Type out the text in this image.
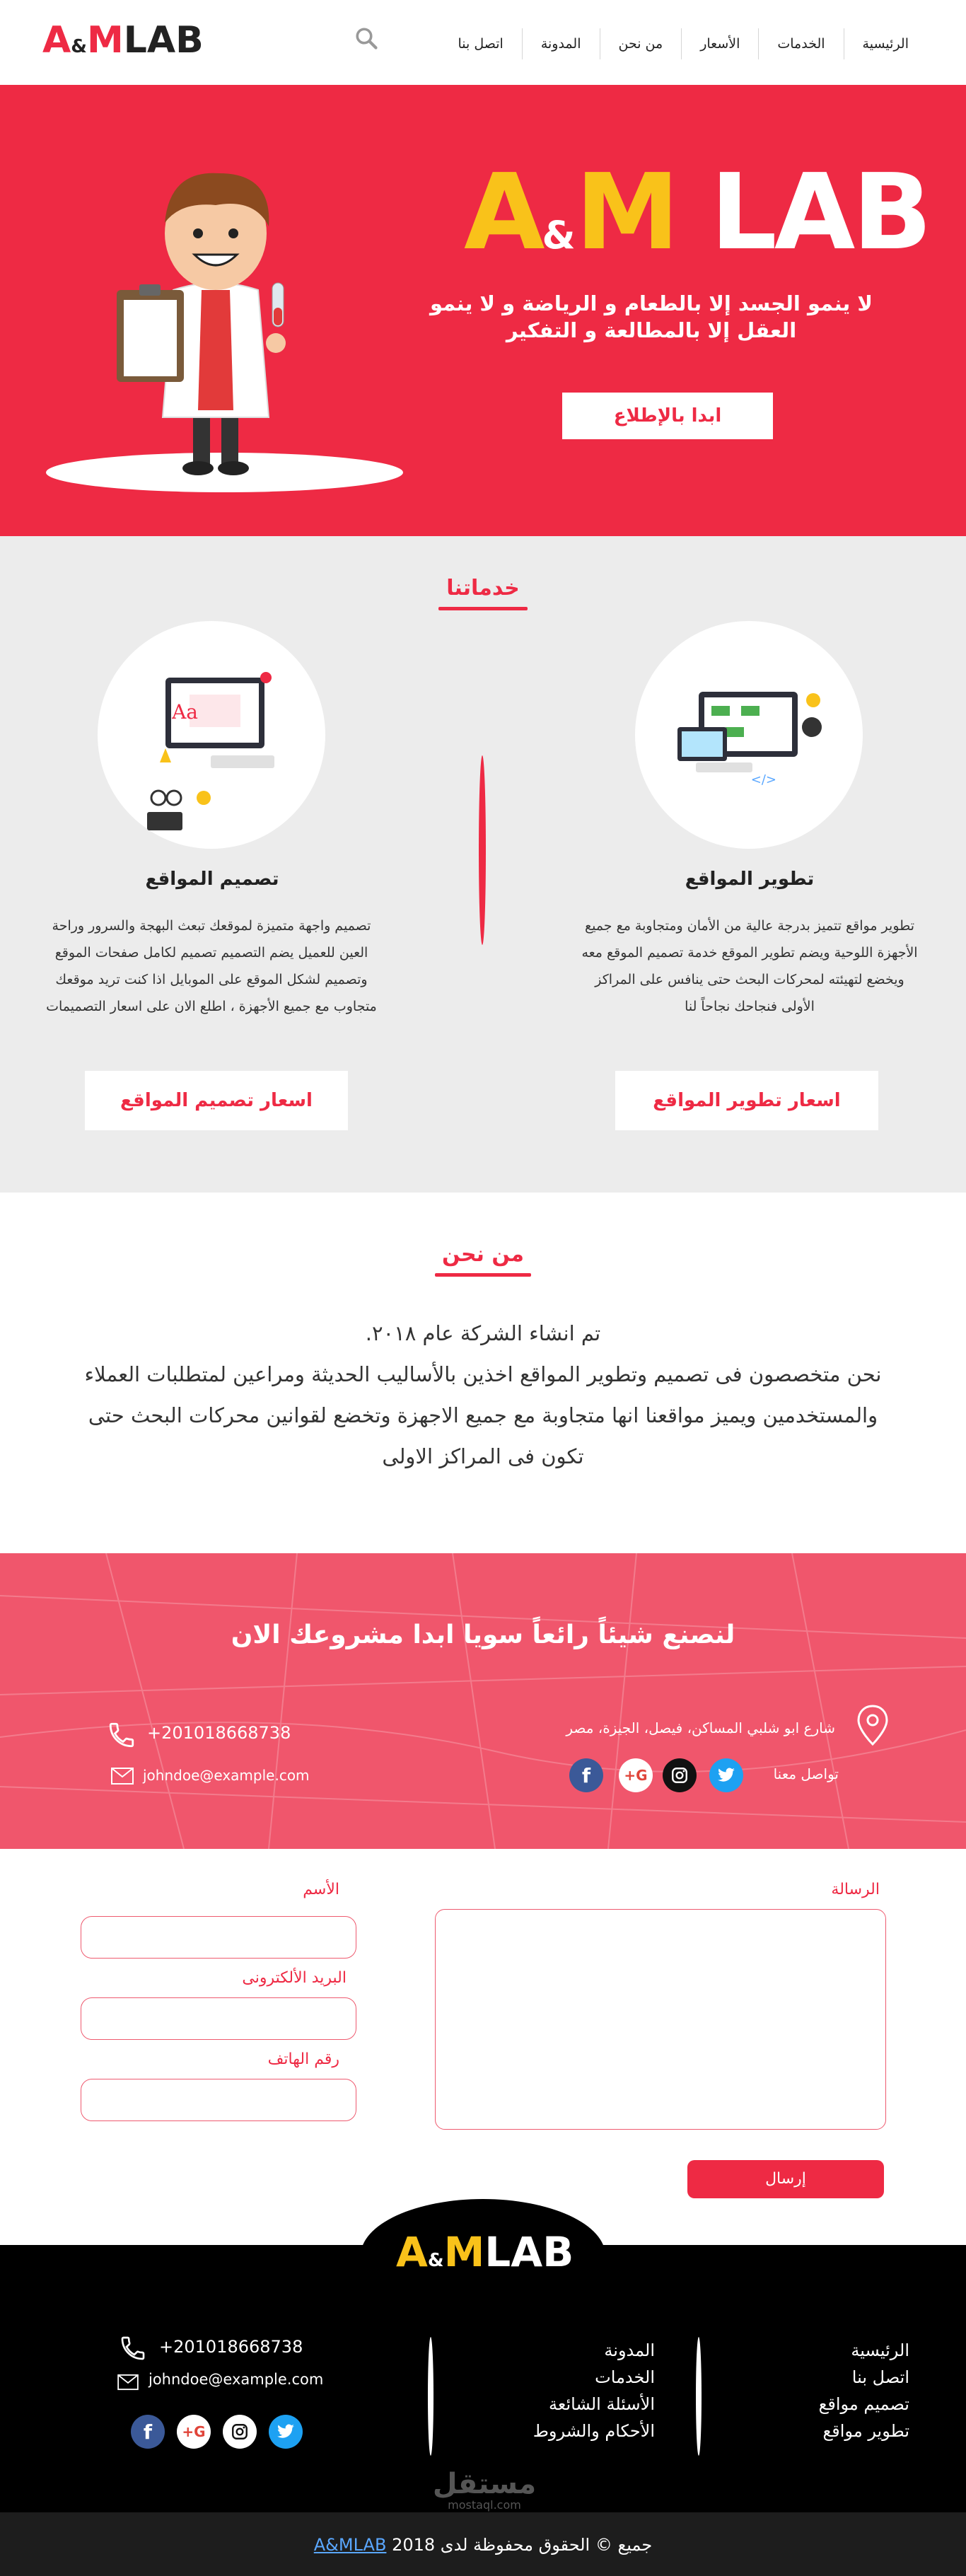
A&MLAB	الرئيسية
الخدمات
الأسعار
من نحن
المدونة
اتصل بنا
A&M LAB
لا ينمو الجسد إلا بالطعام و الرياضة و لا ينمو العقل إلا بالمطالعة و التفكير
ابدا بالإطلاع
خدماتنا
</>
تطوير المواقع
تطوير مواقع تتميز بدرجة عالية من الأمان ومتجاوبة مع جميع الأجهزة اللوحية ويضم تطوير الموقع خدمة تصميم الموقع معه ويخضع لتهيئته لمحركات البحث حتى ينافس على المراكز الأولى فنجاحك نجاحاً لنا
اسعار تطوير المواقع
Aa
تصميم المواقع
تصميم واجهة متميزة لموقعك تبعث البهجة والسرور وراحة العين للعميل يضم التصميم تصميم لكامل صفحات الموقع وتصميم لشكل الموقع على الموبايل اذا كنت تريد موقعك متجاوب مع جميع الأجهزة ، اطلع الان على اسعار التصميمات
اسعار تصميم المواقع
من نحن
تم انشاء الشركة عام ٢٠١٨.
نحن متخصصون فى تصميم وتطوير المواقع اخذين بالأساليب الحديثة ومراعين لمتطلبات العملاء والمستخدمين ويميز مواقعنا انها متجاوبة مع جميع الاجهزة وتخضع لقوانين محركات البحث حتى تكون فى المراكز الاولى
لنصنع شيئاً رائعاً سويا ابدا مشروعك الان
شارع ابو شلبي المساكن، فيصل، الجيزة، مصر
تواصل معنا
G+
f
+201018668738
johndoe@example.com
الرسالة
الأسم
البريد الألكترونى
رقم الهاتف
إرسال
A&MLAB
الرئيسية
اتصل بنا
تصميم مواقع
تطوير مواقع
المدونة
الخدمات
الأسئلة الشائعة
الأحكام والشروط
+201018668738
johndoe@example.com
f	G+
مستقل
mostaql.com
جميع © الحقوق محفوظة لدى A&MLAB 2018
